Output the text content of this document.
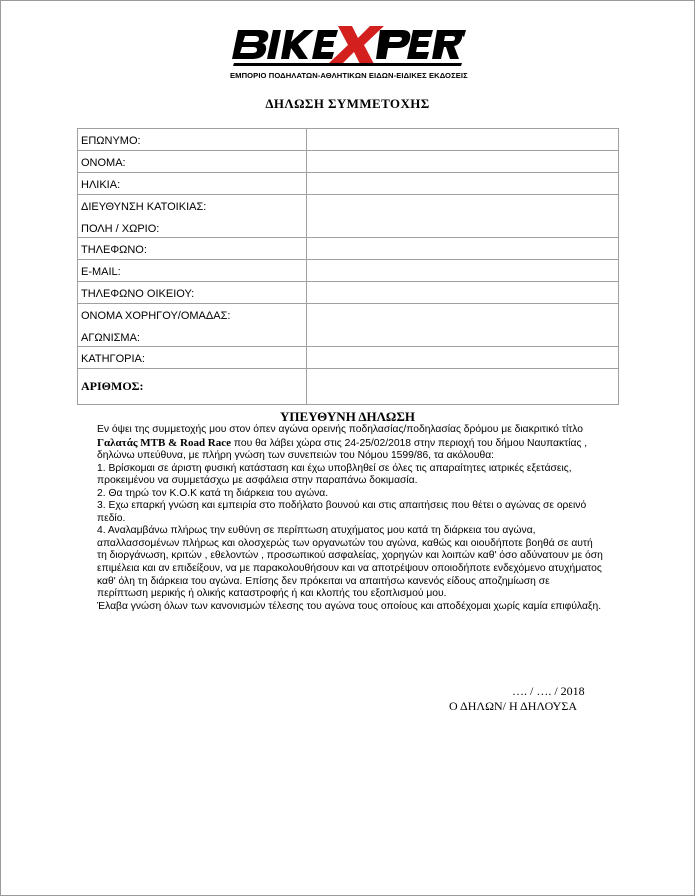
ΕΜΠΟΡΙΟ ΠΟΔΗΛΑΤΩΝ-ΑΘΛΗΤΙΚΩΝ ΕΙΔΩΝ-ΕΙΔΙΚΕΣ ΕΚΔΟΣΕΙΣ
ΔΗΛΩΣΗ ΣΥΜΜΕΤΟΧΗΣ
ΕΠΩΝΥΜΟ:	

ΟΝΟΜΑ:	

ΗΛΙΚΙΑ:	

ΔΙΕΥΘΥΝΣΗ ΚΑΤΟΙΚΙΑΣ:
ΠΟΛΗ / ΧΩΡΙΟ:	

ΤΗΛΕΦΩΝΟ:	

E-MAIL:	

ΤΗΛΕΦΩΝΟ ΟΙΚΕΙΟΥ:	

ΟΝΟΜΑ ΧΟΡΗΓΟΥ/ΟΜΑΔΑΣ:
ΑΓΩΝΙΣΜΑ:	

ΚΑΤΗΓΟΡΙΑ:	

ΑΡΙΘΜΟΣ:	
ΥΠΕΥΘΥΝΗ ΔΗΛΩΣΗ

Εν όψει της συμμετοχής μου στον όπεν αγώνα ορεινής ποδηλασίας/ποδηλασίας δρόμου με διακριτικό τίτλο Γαλατάς MTB & Road Race που θα λάβει χώρα στις 24-25/02/2018 στην περιοχή του δήμου Ναυπακτίας , δηλώνω υπεύθυνα, με πλήρη γνώση των συνεπειών του Νόμου 1599/86, τα ακόλουθα:

1. Βρίσκομαι σε άριστη φυσική κατάσταση και έχω υποβληθεί σε όλες τις απαραίτητες ιατρικές εξετάσεις, προκειμένου να συμμετάσχω με ασφάλεια στην παραπάνω δοκιμασία.

2. Θα τηρώ τον Κ.Ο.Κ κατά τη διάρκεια του αγώνα.

3. Εχω επαρκή γνώση και εμπειρία στο ποδήλατο βουνού και στις απαιτήσεις που θέτει ο αγώνας σε ορεινό πεδίο.

4. Αναλαμβάνω πλήρως την ευθύνη σε περίπτωση ατυχήματος μου κατά τη διάρκεια του αγώνα, απαλλασσομένων πλήρως και ολοσχερώς των οργανωτών του αγώνα, καθώς και οιουδήποτε βοηθά σε αυτή τη διοργάνωση, κριτών , εθελοντών , προσωπικού ασφαλείας, χορηγών και λοιπών καθ' όσο αδύνατουν με όση επιμέλεια και αν επιδείξουν, να με παρακολουθήσουν και να αποτρέψουν οποιοδήποτε ενδεχόμενο ατυχήματος καθ' όλη τη διάρκεια του αγώνα. Επίσης δεν πρόκειται να απαιτήσω κανενός είδους αποζημίωση σε περίπτωση μερικής ή ολικής καταστροφής ή και κλοπής του εξοπλισμού μου.

Έλαβα γνώση όλων των κανονισμών τέλεσης του αγώνα τους οποίους και αποδέχομαι χωρίς καμία επιφύλαξη.

…. / …. / 2018
Ο ΔΗΛΩΝ/ Η ΔΗΛΟΥΣΑ
